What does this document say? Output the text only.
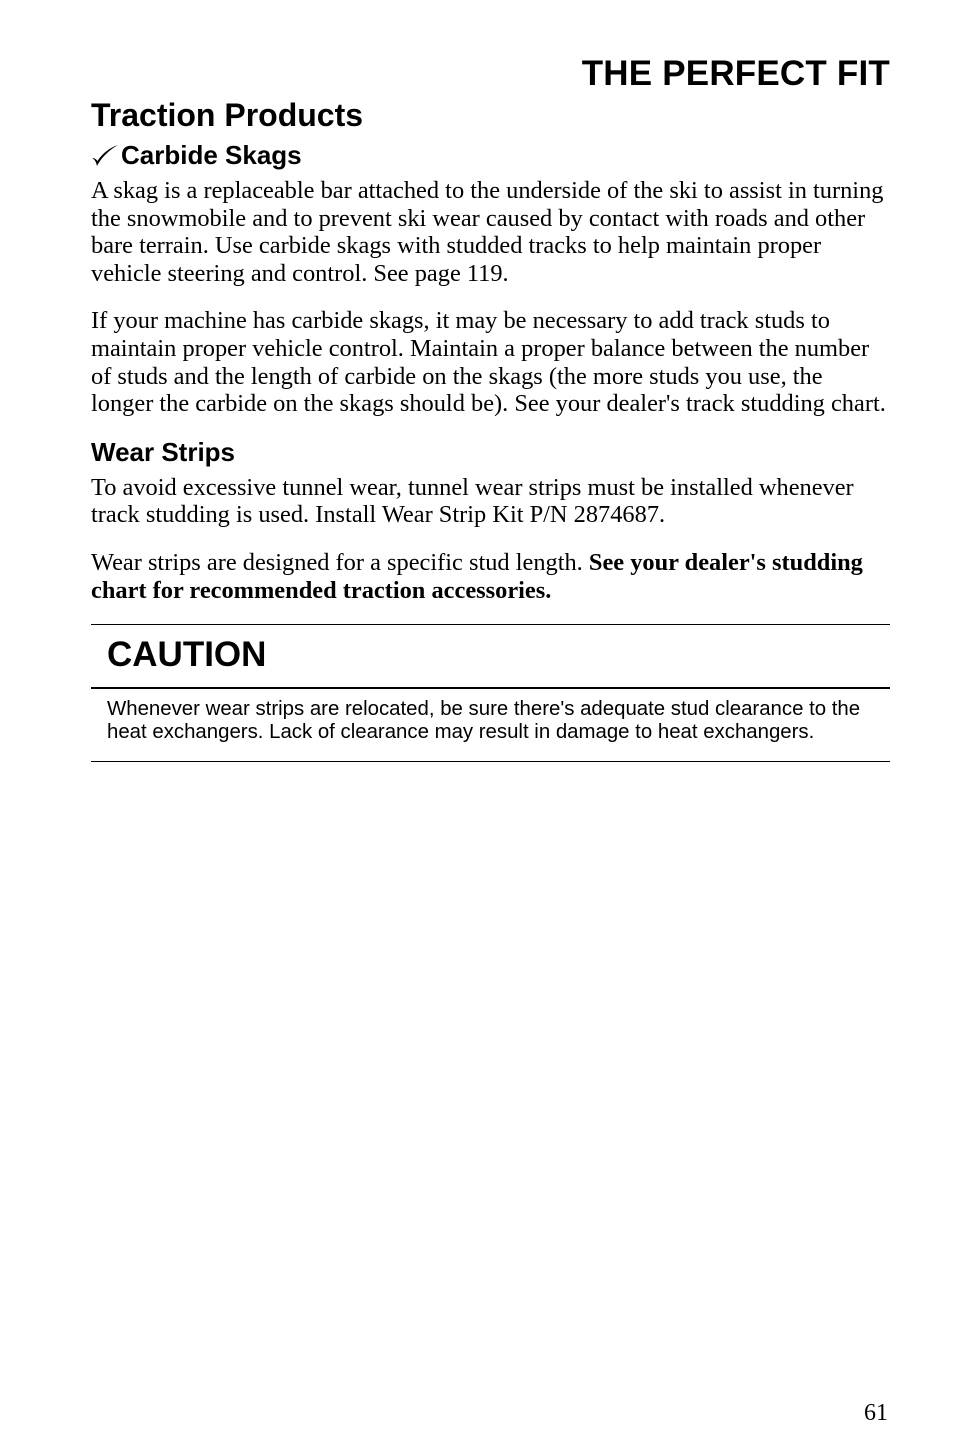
THE PERFECT FIT
Traction Products
Carbide Skags

A skag is a replaceable bar attached to the underside of the ski to assist in turning the snowmobile and to prevent ski wear caused by contact with roads and other bare terrain. Use carbide skags with studded tracks to help maintain proper vehicle steering and control. See page 119.

If your machine has carbide skags, it may be necessary to add track studs to maintain proper vehicle control. Maintain a proper balance between the number of studs and the length of carbide on the skags (the more studs you use, the longer the carbide on the skags should be). See your dealer's track studding chart.

Wear Strips

To avoid excessive tunnel wear, tunnel wear strips must be installed whenever track studding is used. Install Wear Strip Kit P/N 2874687.

Wear strips are designed for a specific stud length. See your dealer's studding chart for recommended traction accessories.

CAUTION

Whenever wear strips are relocated, be sure there's adequate stud clearance to the heat exchangers. Lack of clearance may result in damage to heat exchangers.

61
